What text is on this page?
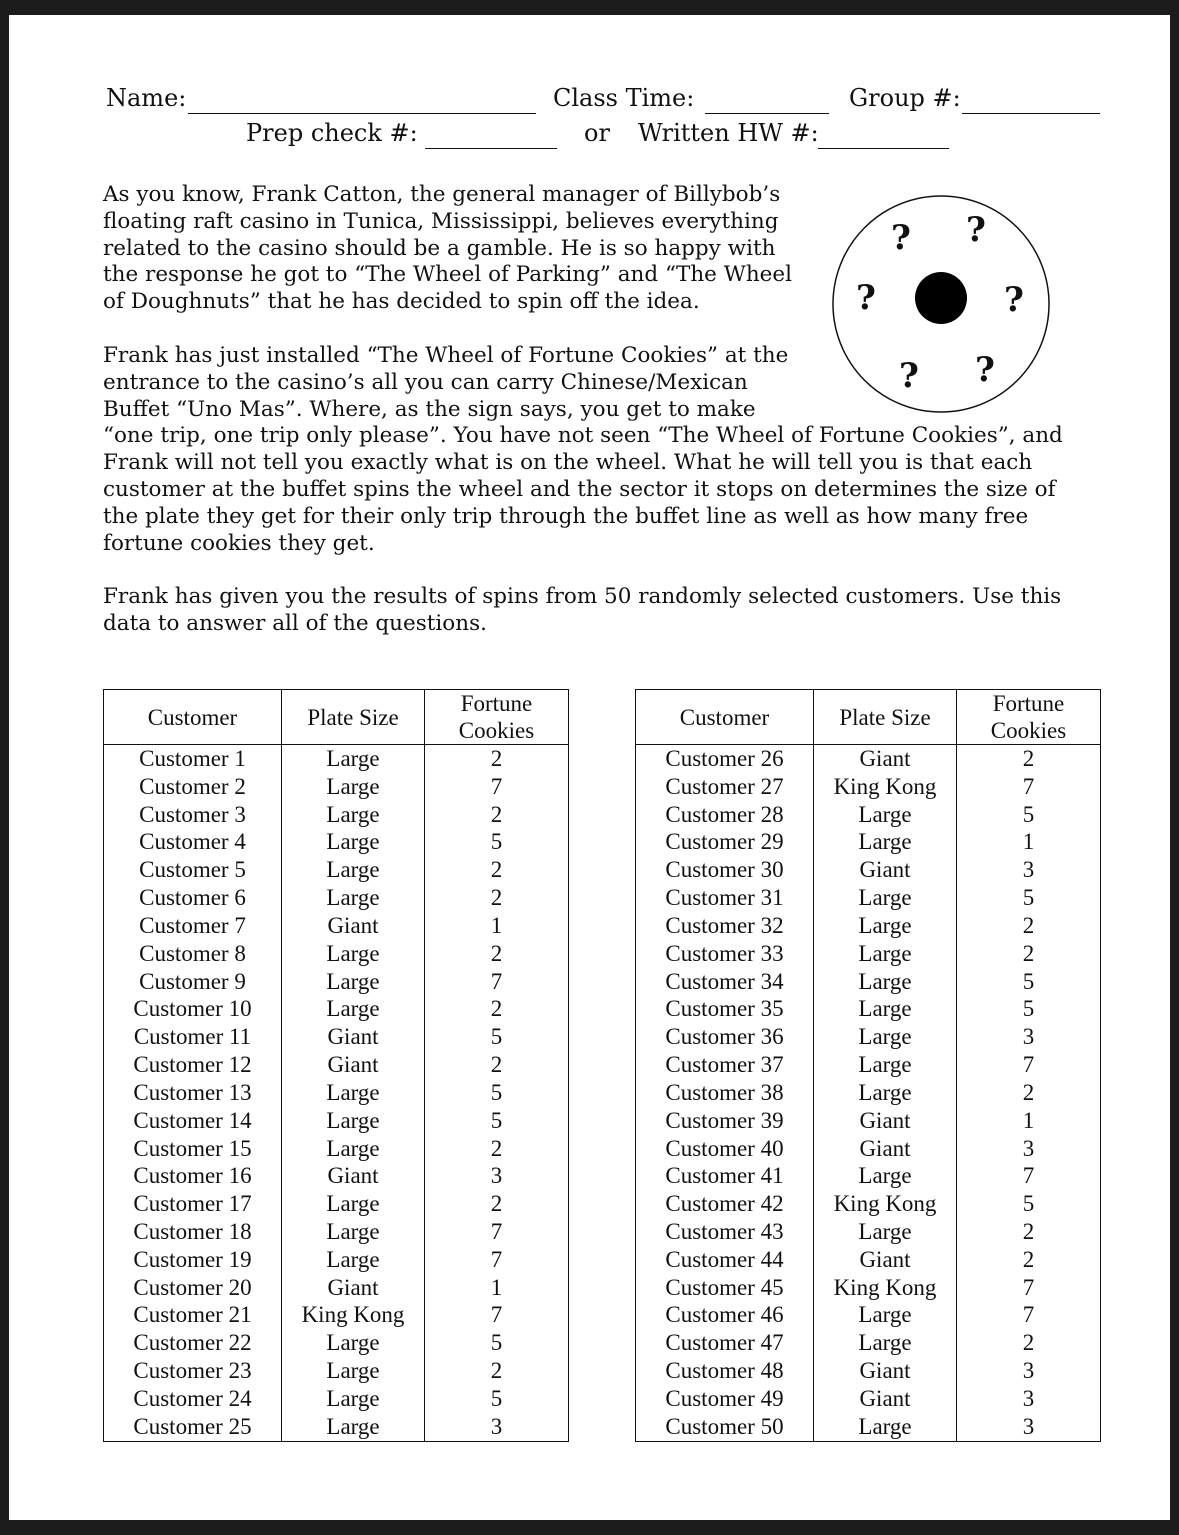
Name:	Class Time:	Group #:
Prep check #:	or Written HW #:
As you know, Frank Catton, the general manager of Billybob’s
floating raft casino in Tunica, Mississippi, believes everything
related to the casino should be a gamble. He is so happy with
the response he got to “The Wheel of Parking” and “The Wheel
of Doughnuts” that he has decided to spin off the idea.
Frank has just installed “The Wheel of Fortune Cookies” at the
entrance to the casino’s all you can carry Chinese/Mexican
Buffet “Uno Mas”. Where, as the sign says, you get to make
“one trip, one trip only please”. You have not seen “The Wheel of Fortune Cookies”, and
Frank will not tell you exactly what is on the wheel. What he will tell you is that each
customer at the buffet spins the wheel and the sector it stops on determines the size of
the plate they get for their only trip through the buffet line as well as how many free
fortune cookies they get.
Frank has given you the results of spins from 50 randomly selected customers. Use this
data to answer all of the questions.
? ?
?	?
? ?
Customer	Plate Size	Fortune
Cookies
Customer 1	Large	2
Customer 2	Large	7
Customer 3	Large	2
Customer 4	Large	5
Customer 5	Large	2
Customer 6	Large	2
Customer 7	Giant	1
Customer 8	Large	2
Customer 9	Large	7
Customer 10	Large	2
Customer 11	Giant	5
Customer 12	Giant	2
Customer 13	Large	5
Customer 14	Large	5
Customer 15	Large	2
Customer 16	Giant	3
Customer 17	Large	2
Customer 18	Large	7
Customer 19	Large	7
Customer 20	Giant	1
Customer 21	King Kong	7
Customer 22	Large	5
Customer 23	Large	2
Customer 24	Large	5
Customer 25	Large	3
Customer	Plate Size	Fortune
Cookies
Customer 26	Giant	2
Customer 27	King Kong	7
Customer 28	Large	5
Customer 29	Large	1
Customer 30	Giant	3
Customer 31	Large	5
Customer 32	Large	2
Customer 33	Large	2
Customer 34	Large	5
Customer 35	Large	5
Customer 36	Large	3
Customer 37	Large	7
Customer 38	Large	2
Customer 39	Giant	1
Customer 40	Giant	3
Customer 41	Large	7
Customer 42	King Kong	5
Customer 43	Large	2
Customer 44	Giant	2
Customer 45	King Kong	7
Customer 46	Large	7
Customer 47	Large	2
Customer 48	Giant	3
Customer 49	Giant	3
Customer 50	Large	3
